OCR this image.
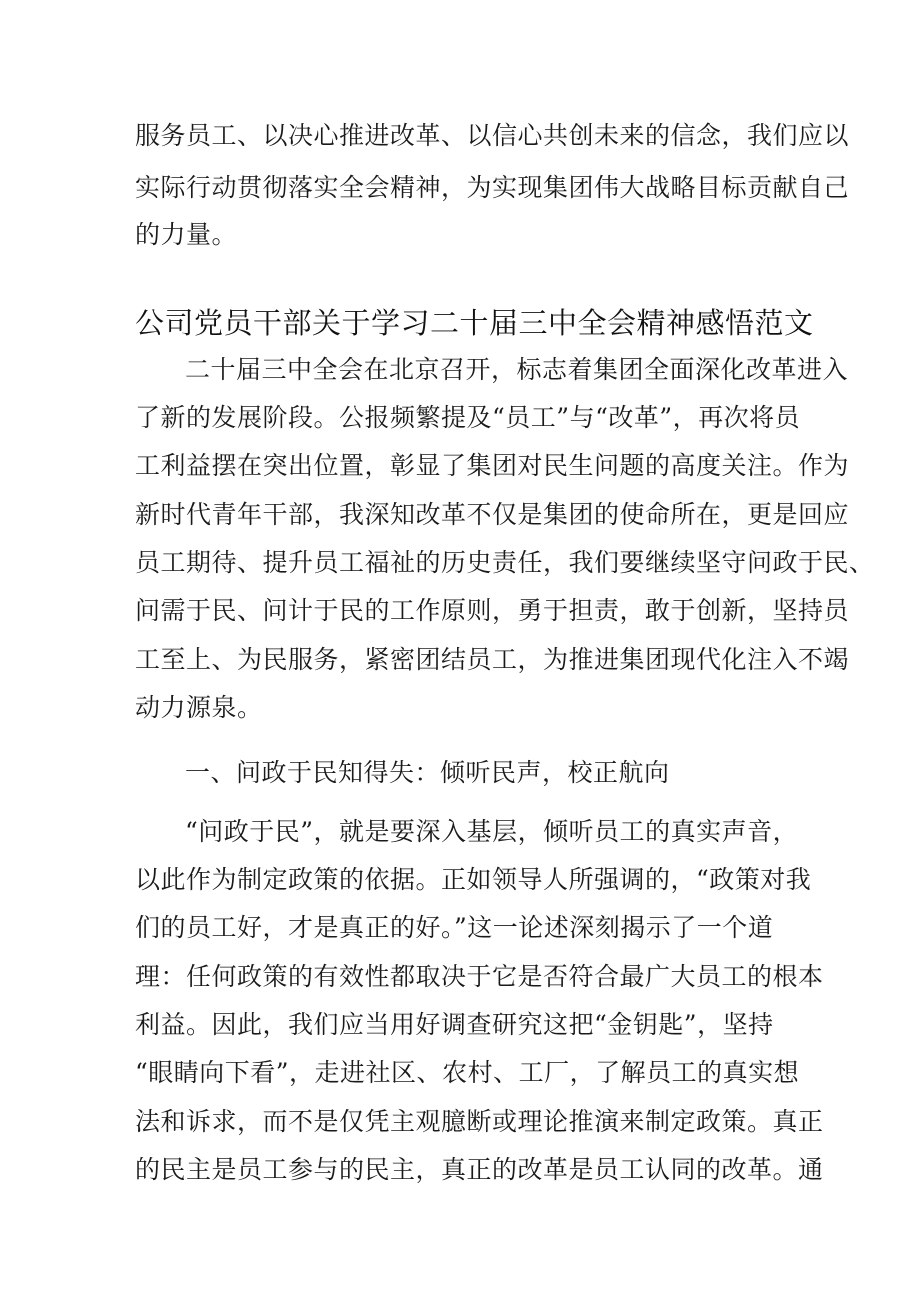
服务员工、以决心推进改革、以信心共创未来的信念，我们应以
实际行动贯彻落实全会精神，为实现集团伟大战略目标贡献自己
的力量。
公司党员干部关于学习二十届三中全会精神感悟范文
二十届三中全会在北京召开，标志着集团全面深化改革进入
了新的发展阶段。公报频繁提及“员工”与“改革”，再次将员
工利益摆在突出位置，彰显了集团对民生问题的高度关注。作为
新时代青年干部，我深知改革不仅是集团的使命所在，更是回应
员工期待、提升员工福祉的历史责任，我们要继续坚守问政于民、
问需于民、问计于民的工作原则，勇于担责，敢于创新，坚持员
工至上、为民服务，紧密团结员工，为推进集团现代化注入不竭
动力源泉。
一、问政于民知得失：倾听民声，校正航向
“问政于民”，就是要深入基层，倾听员工的真实声音，
以此作为制定政策的依据。正如领导人所强调的，“政策对我
们的员工好，才是真正的好。”这一论述深刻揭示了一个道
理：任何政策的有效性都取决于它是否符合最广大员工的根本
利益。因此，我们应当用好调查研究这把“金钥匙”，坚持
“眼睛向下看”，走进社区、农村、工厂，了解员工的真实想
法和诉求，而不是仅凭主观臆断或理论推演来制定政策。真正
的民主是员工参与的民主，真正的改革是员工认同的改革。通
